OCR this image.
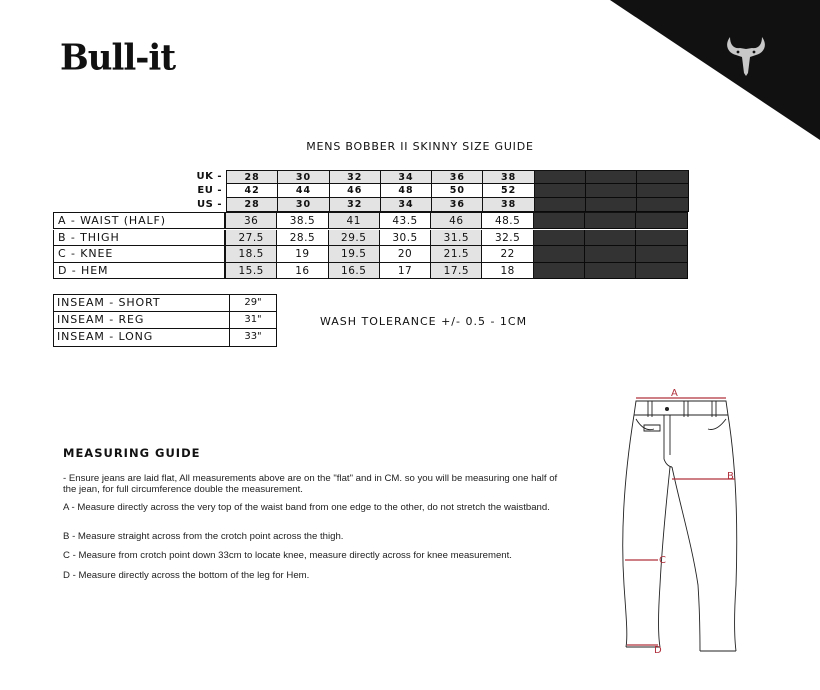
Bull-it
MENS BOBBER II SKINNY SIZE GUIDE
UK -	28	30	32	34	36	38
EU -	42	44	46	48	50	52
US -	28	30	32	34	36	38
A - WAIST (HALF)	36	38.5	41	43.5	46	48.5
B - THIGH	27.5	28.5	29.5	30.5	31.5	32.5
C - KNEE	18.5	19	19.5	20	21.5	22
D - HEM	15.5	16	16.5	17	17.5	18
INSEAM - SHORT	29"
INSEAM - REG	31"
INSEAM - LONG	33"
WASH TOLERANCE +/- 0.5 - 1CM
MEASURING GUIDE
- Ensure jeans are laid flat, All measurements above are on the "flat" and in CM. so you will be measuring one half of the jean, for full circumference double the measurement.
A - Measure directly across the very top of the waist band from one edge to the other, do not stretch the waistband.
B - Measure straight across from the crotch point across the thigh.
C - Measure from crotch point down 33cm to locate knee, measure directly across for knee measurement.
D - Measure directly across the bottom of the leg for Hem.
A
B
C
D
